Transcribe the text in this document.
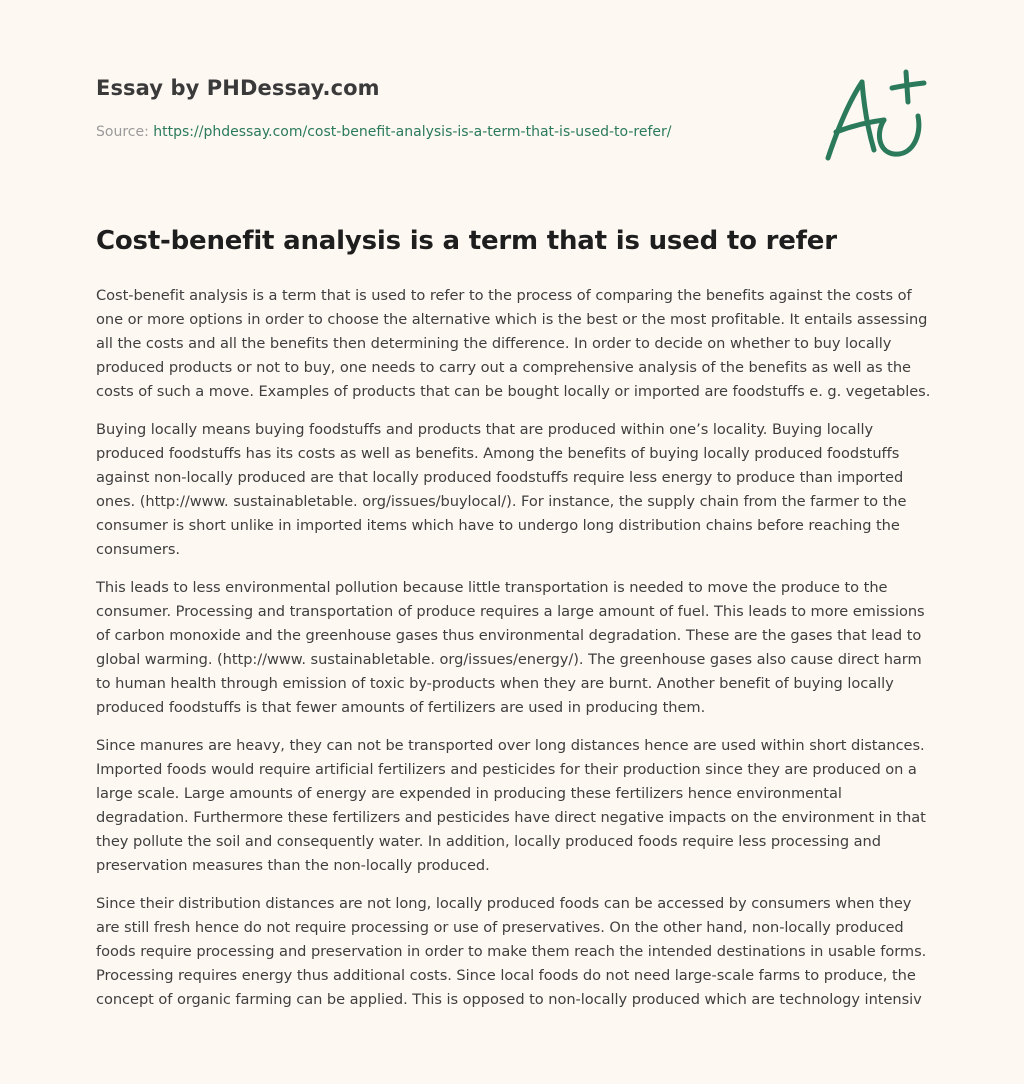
Essay by PHDessay.com
Source: https://phdessay.com/cost-benefit-analysis-is-a-term-that-is-used-to-refer/
Cost-benefit analysis is a term that is used to refer

Cost-benefit analysis is a term that is used to refer to the process of comparing the benefits against the costs of one or more options in order to choose the alternative which is the best or the most profitable. It entails assessing all the costs and all the benefits then determining the difference. In order to decide on whether to buy locally produced products or not to buy, one needs to carry out a comprehensive analysis of the benefits as well as the costs of such a move. Examples of products that can be bought locally or imported are foodstuffs e. g. vegetables.

Buying locally means buying foodstuffs and products that are produced within one’s locality. Buying locally produced foodstuffs has its costs as well as benefits. Among the benefits of buying locally produced foodstuffs against non-locally produced are that locally produced foodstuffs require less energy to produce than imported ones. (http://www. sustainabletable. org/issues/buylocal/). For instance, the supply chain from the farmer to the consumer is short unlike in imported items which have to undergo long distribution chains before reaching the consumers.

This leads to less environmental pollution because little transportation is needed to move the produce to the consumer. Processing and transportation of produce requires a large amount of fuel. This leads to more emissions of carbon monoxide and the greenhouse gases thus environmental degradation. These are the gases that lead to global warming. (http://www. sustainabletable. org/issues/energy/). The greenhouse gases also cause direct harm to human health through emission of toxic by-products when they are burnt. Another benefit of buying locally produced foodstuffs is that fewer amounts of fertilizers are used in producing them.

Since manures are heavy, they can not be transported over long distances hence are used within short distances. Imported foods would require artificial fertilizers and pesticides for their production since they are produced on a large scale. Large amounts of energy are expended in producing these fertilizers hence environmental degradation. Furthermore these fertilizers and pesticides have direct negative impacts on the environment in that they pollute the soil and consequently water. In addition, locally produced foods require less processing and preservation measures than the non-locally produced.

Since their distribution distances are not long, locally produced foods can be accessed by consumers when they are still fresh hence do not require processing or use of preservatives. On the other hand, non-locally produced foods require processing and preservation in order to make them reach the intended destinations in usable forms. Processing requires energy thus additional costs. Since local foods do not need large-scale farms to produce, the concept of organic farming can be applied. This is opposed to non-locally produced which are technology intensiv
